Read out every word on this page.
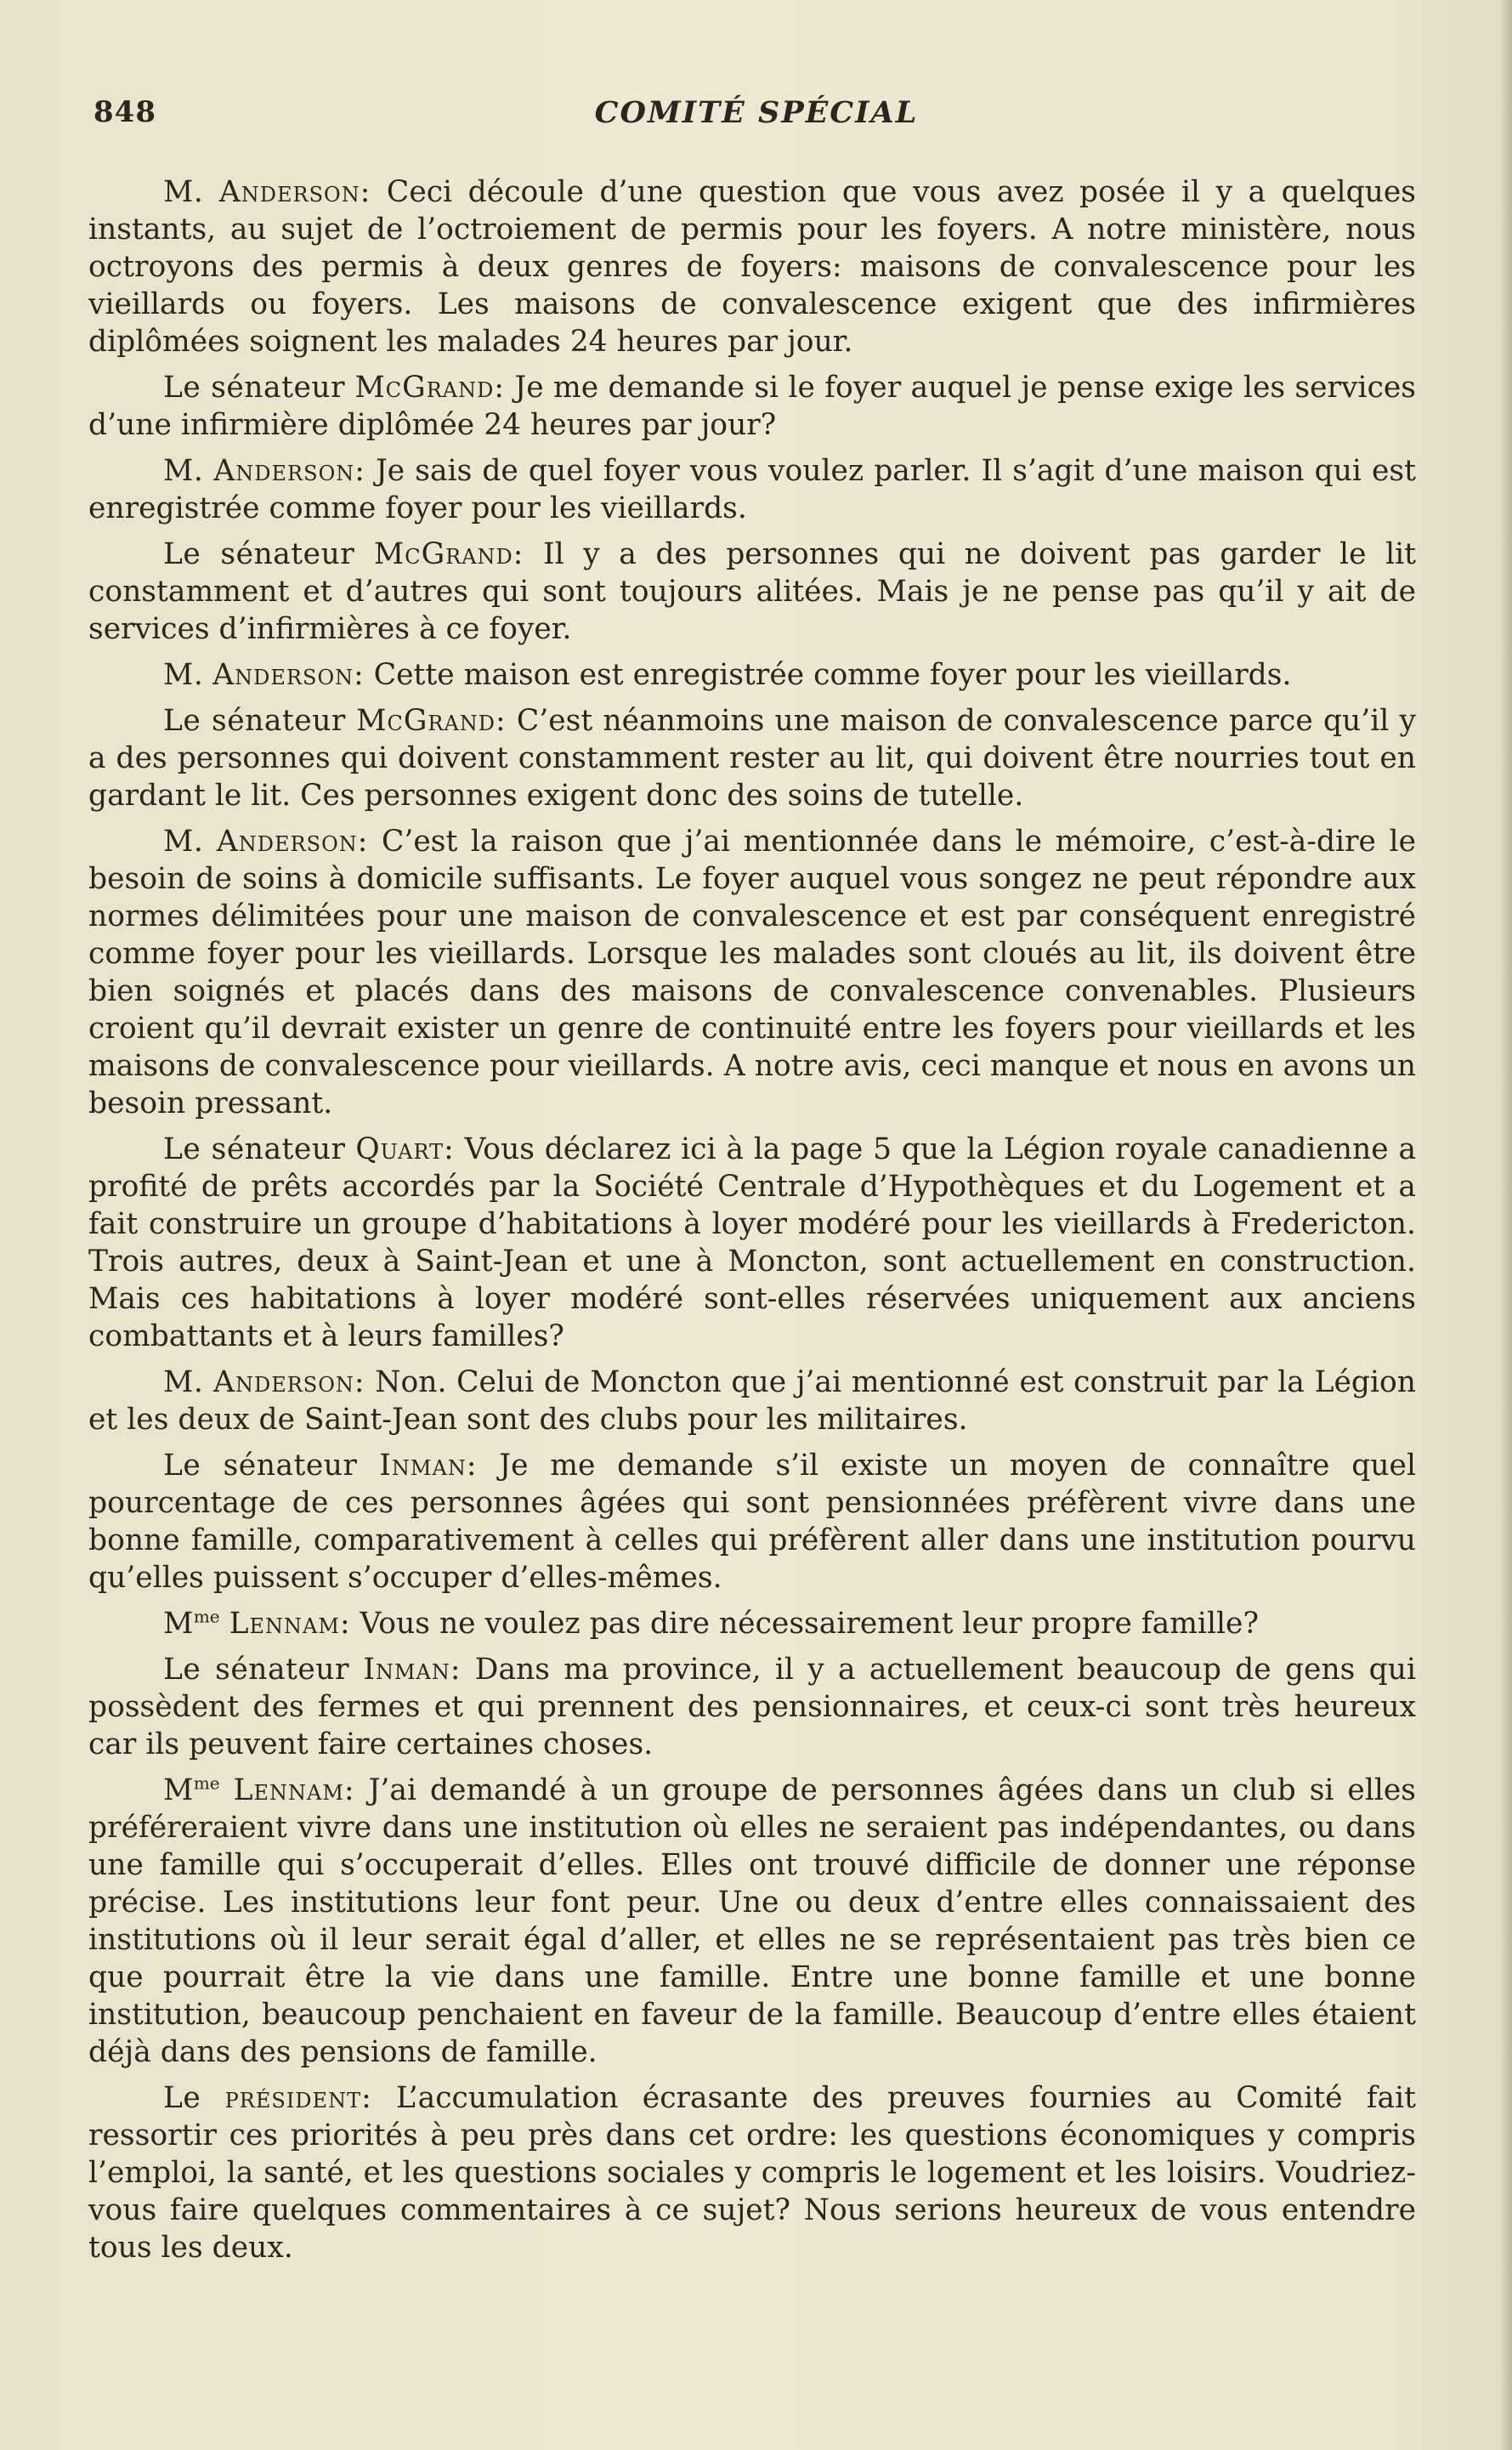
848	COMITÉ SPÉCIAL

M. Anderson: Ceci découle d’une question que vous avez posée il y a quelques instants, au sujet de l’octroiement de permis pour les foyers. A notre ministère, nous octroyons des permis à deux genres de foyers: maisons de convalescence pour les vieillards ou foyers. Les maisons de convalescence exigent que des infirmières diplômées soignent les malades 24 heures par jour.

Le sénateur McGrand: Je me demande si le foyer auquel je pense exige les services d’une infirmière diplômée 24 heures par jour?

M. Anderson: Je sais de quel foyer vous voulez parler. Il s’agit d’une maison qui est enregistrée comme foyer pour les vieillards.

Le sénateur McGrand: Il y a des personnes qui ne doivent pas garder le lit constamment et d’autres qui sont toujours alitées. Mais je ne pense pas qu’il y ait de services d’infirmières à ce foyer.

M. Anderson: Cette maison est enregistrée comme foyer pour les vieillards.

Le sénateur McGrand: C’est néanmoins une maison de convalescence parce qu’il y a des personnes qui doivent constamment rester au lit, qui doivent être nourries tout en gardant le lit. Ces personnes exigent donc des soins de tutelle.

M. Anderson: C’est la raison que j’ai mentionnée dans le mémoire, c’est-à-dire le besoin de soins à domicile suffisants. Le foyer auquel vous songez ne peut répondre aux normes délimitées pour une maison de convalescence et est par conséquent enregistré comme foyer pour les vieillards. Lorsque les malades sont cloués au lit, ils doivent être bien soignés et placés dans des maisons de convalescence convenables. Plusieurs croient qu’il devrait exister un genre de continuité entre les foyers pour vieillards et les maisons de convalescence pour vieillards. A notre avis, ceci manque et nous en avons un besoin pressant.

Le sénateur Quart: Vous déclarez ici à la page 5 que la Légion royale canadienne a profité de prêts accordés par la Société Centrale d’Hypothèques et du Logement et a fait construire un groupe d’habitations à loyer modéré pour les vieillards à Fredericton. Trois autres, deux à Saint-Jean et une à Moncton, sont actuellement en construction. Mais ces habitations à loyer modéré sont-elles réservées uniquement aux anciens combattants et à leurs familles?

M. Anderson: Non. Celui de Moncton que j’ai mentionné est construit par la Légion et les deux de Saint-Jean sont des clubs pour les militaires.

Le sénateur Inman: Je me demande s’il existe un moyen de connaître quel pourcentage de ces personnes âgées qui sont pensionnées préfèrent vivre dans une bonne famille, comparativement à celles qui préfèrent aller dans une institution pourvu qu’elles puissent s’occuper d’elles-mêmes.

$M^{me}$ Lennam: Vous ne voulez pas dire nécessairement leur propre famille?

Le sénateur Inman: Dans ma province, il y a actuellement beaucoup de gens qui possèdent des fermes et qui prennent des pensionnaires, et ceux-ci sont très heureux car ils peuvent faire certaines choses.

$M^{me}$ Lennam: J’ai demandé à un groupe de personnes âgées dans un club si elles préféreraient vivre dans une institution où elles ne seraient pas indépendantes, ou dans une famille qui s’occuperait d’elles. Elles ont trouvé difficile de donner une réponse précise. Les institutions leur font peur. Une ou deux d’entre elles connaissaient des institutions où il leur serait égal d’aller, et elles ne se représentaient pas très bien ce que pourrait être la vie dans une famille. Entre une bonne famille et une bonne institution, beaucoup penchaient en faveur de la famille. Beaucoup d’entre elles étaient déjà dans des pensions de famille.

Le président: L’accumulation écrasante des preuves fournies au Comité fait ressortir ces priorités à peu près dans cet ordre: les questions économiques y compris l’emploi, la santé, et les questions sociales y compris le logement et les loisirs. Voudriez-vous faire quelques commentaires à ce sujet? Nous serions heureux de vous entendre tous les deux.
